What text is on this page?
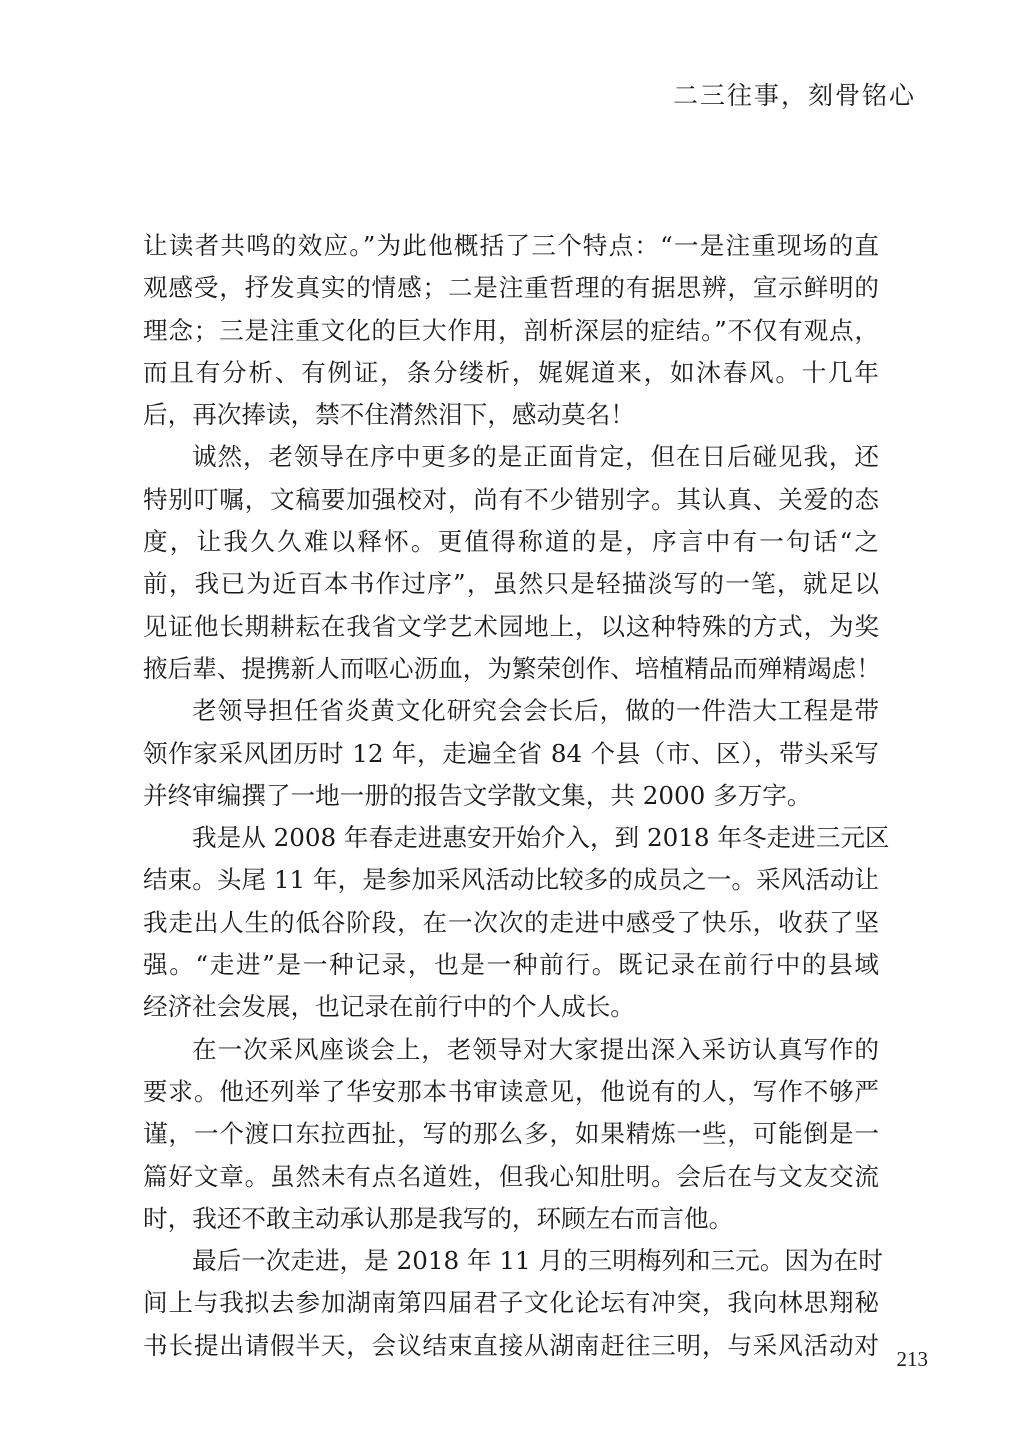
二三往事，刻骨铭心
让读者共鸣的效应。”为此他概括了三个特点：“一是注重现场的直
观感受，抒发真实的情感；二是注重哲理的有据思辨，宣示鲜明的
理念；三是注重文化的巨大作用，剖析深层的症结。”不仅有观点，
而且有分析、有例证，条分缕析，娓娓道来，如沐春风。十几年
后，再次捧读，禁不住潸然泪下，感动莫名！
诚然，老领导在序中更多的是正面肯定，但在日后碰见我，还
特别叮嘱，文稿要加强校对，尚有不少错别字。其认真、关爱的态
度，让我久久难以释怀。更值得称道的是，序言中有一句话“之
前，我已为近百本书作过序”，虽然只是轻描淡写的一笔，就足以
见证他长期耕耘在我省文学艺术园地上，以这种特殊的方式，为奖
掖后辈、提携新人而呕心沥血，为繁荣创作、培植精品而殚精竭虑！
老领导担任省炎黄文化研究会会长后，做的一件浩大工程是带
领作家采风团历时 12 年，走遍全省 84 个县（市、区），带头采写
并终审编撰了一地一册的报告文学散文集，共 2000 多万字。
我是从 2008 年春走进惠安开始介入，到 2018 年冬走进三元区
结束。头尾 11 年，是参加采风活动比较多的成员之一。采风活动让
我走出人生的低谷阶段，在一次次的走进中感受了快乐，收获了坚
强。“走进”是一种记录，也是一种前行。既记录在前行中的县域
经济社会发展，也记录在前行中的个人成长。
在一次采风座谈会上，老领导对大家提出深入采访认真写作的
要求。他还列举了华安那本书审读意见，他说有的人，写作不够严
谨，一个渡口东拉西扯，写的那么多，如果精炼一些，可能倒是一
篇好文章。虽然未有点名道姓，但我心知肚明。会后在与文友交流
时，我还不敢主动承认那是我写的，环顾左右而言他。
最后一次走进，是 2018 年 11 月的三明梅列和三元。因为在时
间上与我拟去参加湖南第四届君子文化论坛有冲突，我向林思翔秘
书长提出请假半天，会议结束直接从湖南赶往三明，与采风活动对 213
